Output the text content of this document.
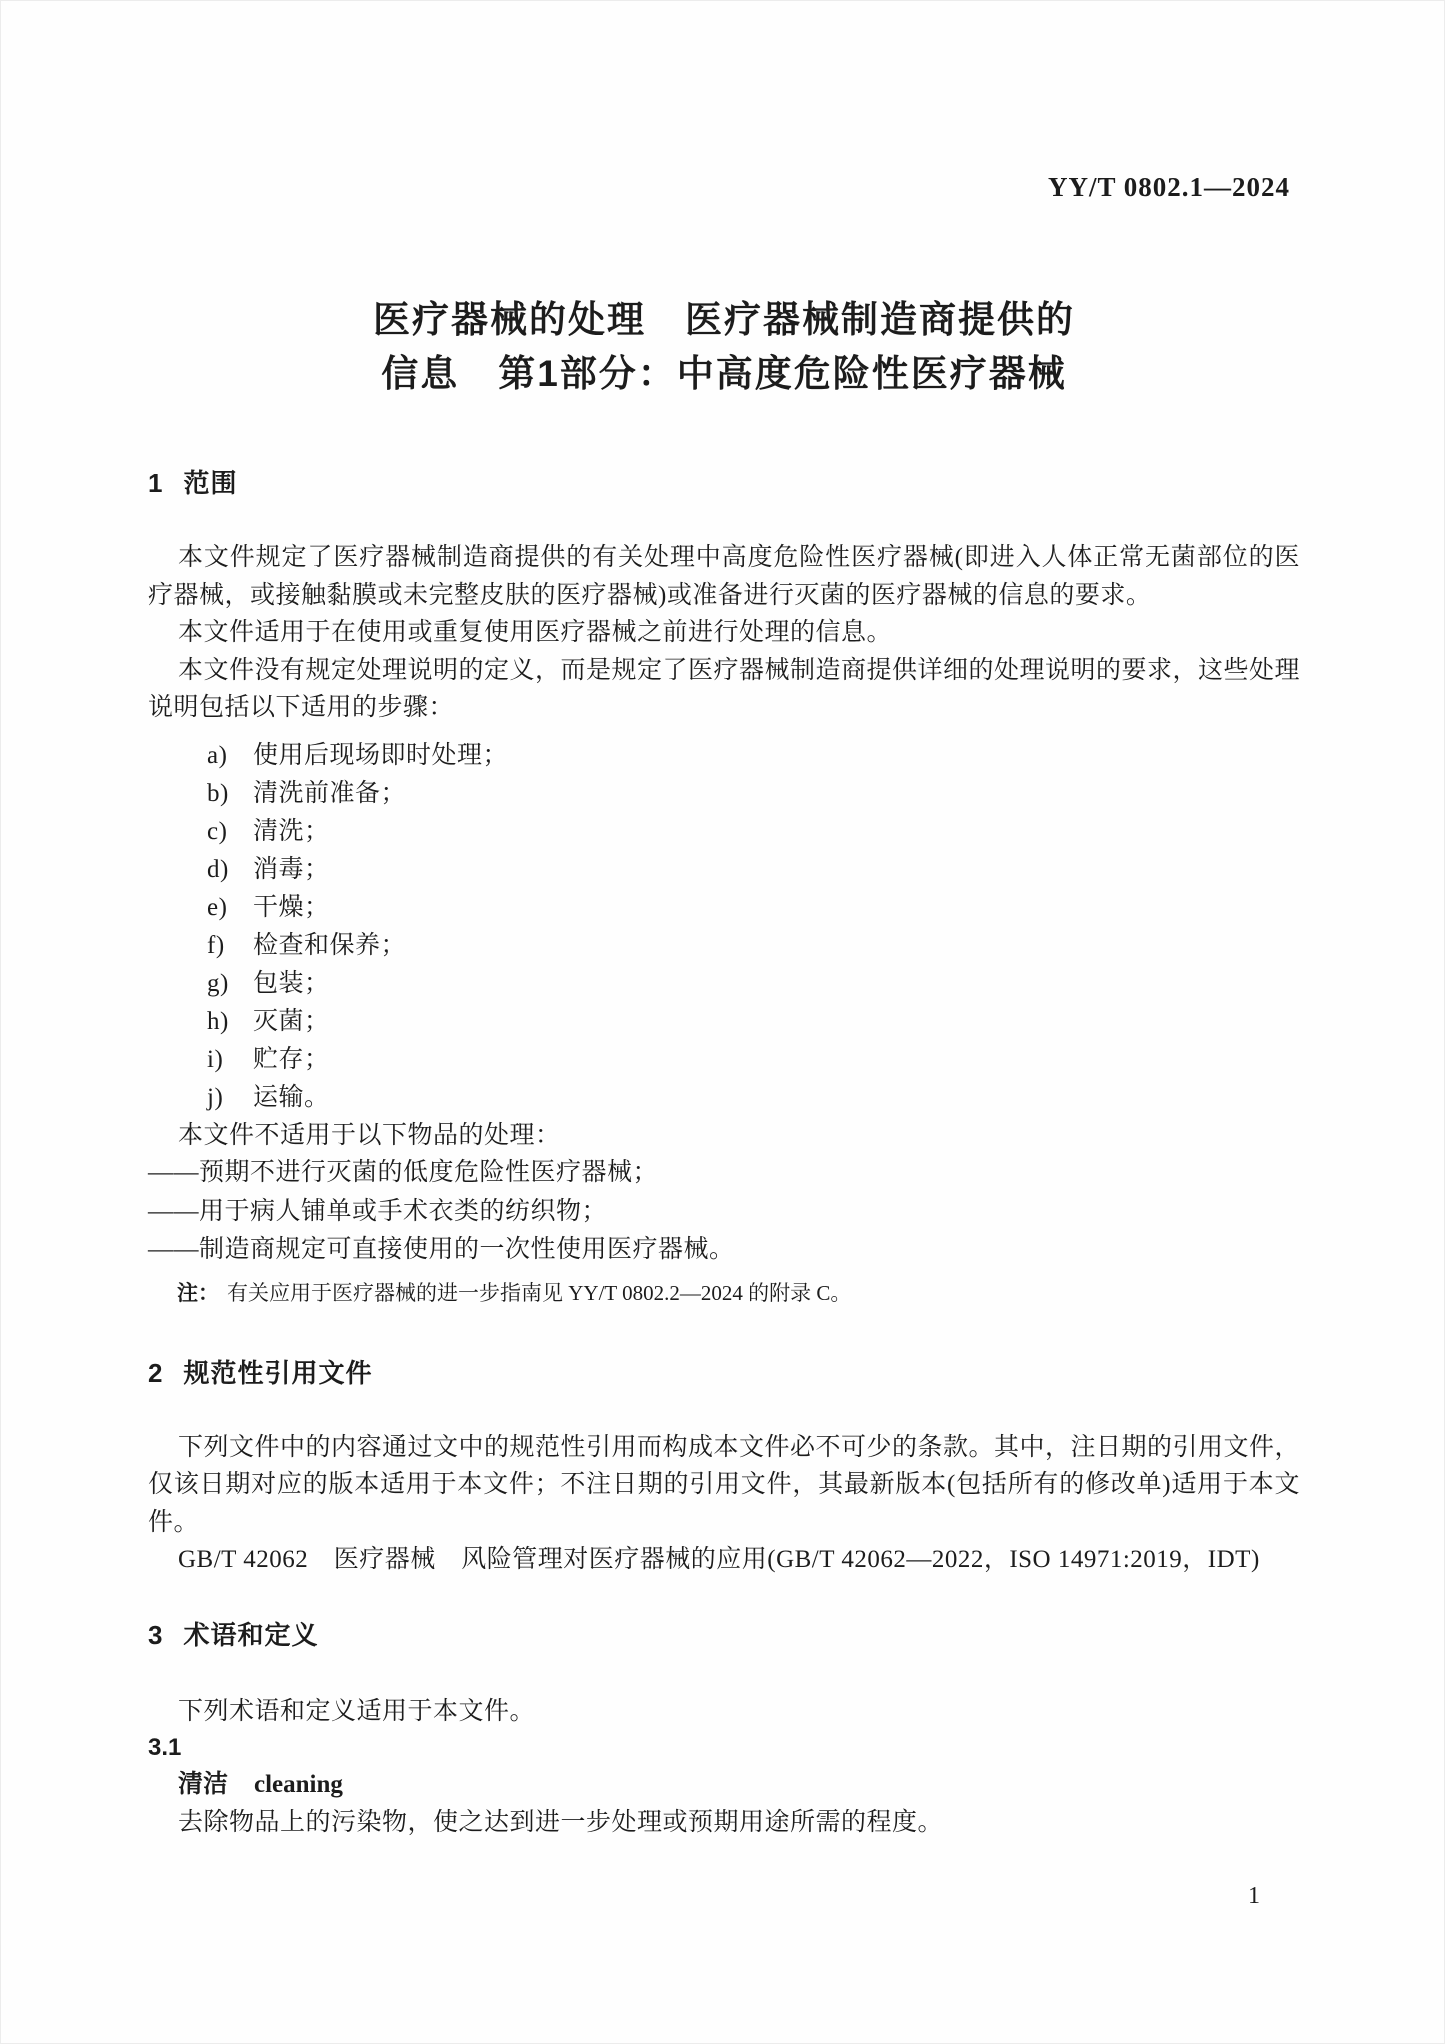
YY/T 0802.1—2024
医疗器械的处理　医疗器械制造商提供的
信息　第1部分：中高度危险性医疗器械
1 范围

本文件规定了医疗器械制造商提供的有关处理中高度危险性医疗器械(即进入人体正常无菌部位的医疗器械，或接触黏膜或未完整皮肤的医疗器械)或准备进行灭菌的医疗器械的信息的要求。

本文件适用于在使用或重复使用医疗器械之前进行处理的信息。

本文件没有规定处理说明的定义，而是规定了医疗器械制造商提供详细的处理说明的要求，这些处理说明包括以下适用的步骤：

a) 使用后现场即时处理；
b) 清洗前准备；
c) 清洗；
d) 消毒；
e) 干燥；
f) 检查和保养；
g) 包装；
h) 灭菌；
i) 贮存；
j) 运输。

本文件不适用于以下物品的处理：

——预期不进行灭菌的低度危险性医疗器械；
——用于病人铺单或手术衣类的纺织物；
——制造商规定可直接使用的一次性使用医疗器械。
注： 有关应用于医疗器械的进一步指南见 YY/T 0802.2—2024 的附录 C。
2 规范性引用文件

下列文件中的内容通过文中的规范性引用而构成本文件必不可少的条款。其中，注日期的引用文件，仅该日期对应的版本适用于本文件；不注日期的引用文件，其最新版本(包括所有的修改单)适用于本文件。

GB/T 42062　医疗器械　风险管理对医疗器械的应用(GB/T 42062—2022，ISO 14971:2019，IDT)

3 术语和定义

下列术语和定义适用于本文件。

3.1
清洁 cleaning

去除物品上的污染物，使之达到进一步处理或预期用途所需的程度。

1
